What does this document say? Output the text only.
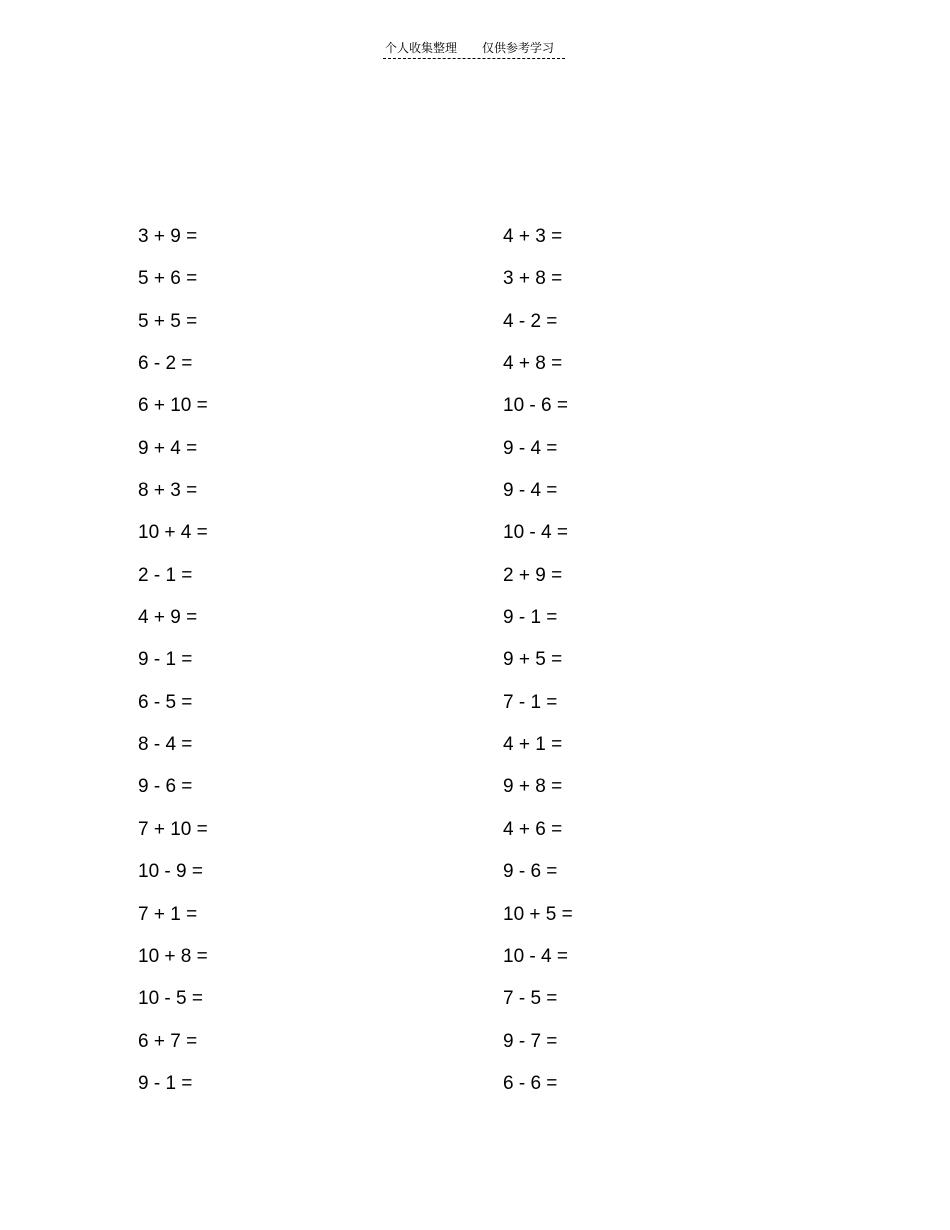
个人收集整理 仅供参考学习
3 + 9 =
5 + 6 =
5 + 5 =
6 - 2 =
6 + 10 =
9 + 4 =
8 + 3 =
10 + 4 =
2 - 1 =
4 + 9 =
9 - 1 =
6 - 5 =
8 - 4 =
9 - 6 =
7 + 10 =
10 - 9 =
7 + 1 =
10 + 8 =
10 - 5 =
6 + 7 =
9 - 1 =
4 + 3 =
3 + 8 =
4 - 2 =
4 + 8 =
10 - 6 =
9 - 4 =
9 - 4 =
10 - 4 =
2 + 9 =
9 - 1 =
9 + 5 =
7 - 1 =
4 + 1 =
9 + 8 =
4 + 6 =
9 - 6 =
10 + 5 =
10 - 4 =
7 - 5 =
9 - 7 =
6 - 6 =
